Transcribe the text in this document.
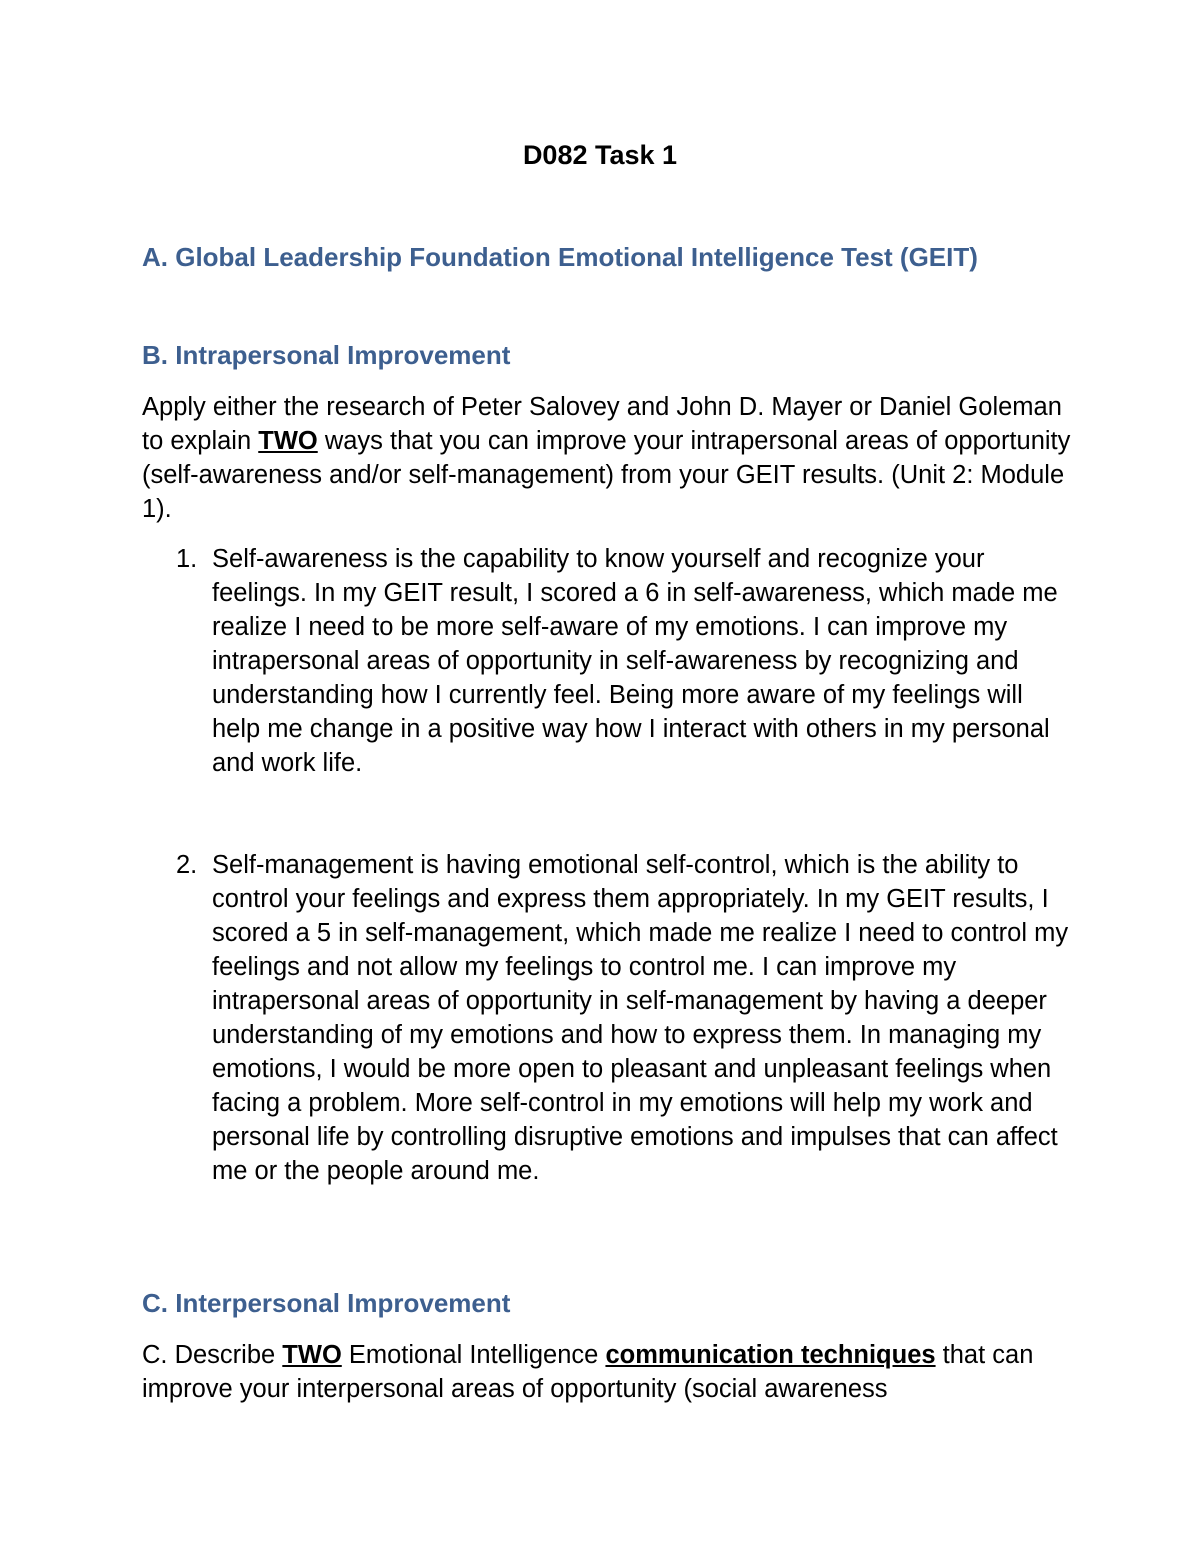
D082 Task 1
A. Global Leadership Foundation Emotional Intelligence Test (GEIT)
B. Intrapersonal Improvement

Apply either the research of Peter Salovey and John D. Mayer or Daniel Goleman to explain TWO ways that you can improve your intrapersonal areas of opportunity (self-awareness and/or self-management) from your GEIT results. (Unit 2: Module 1).

1. Self-awareness is the capability to know yourself and recognize your feelings. In my GEIT result, I scored a 6 in self-awareness, which made me realize I need to be more self-aware of my emotions. I can improve my intrapersonal areas of opportunity in self-awareness by recognizing and understanding how I currently feel. Being more aware of my feelings will help me change in a positive way how I interact with others in my personal and work life.

2. Self-management is having emotional self-control, which is the ability to control your feelings and express them appropriately. In my GEIT results, I scored a 5 in self-management, which made me realize I need to control my feelings and not allow my feelings to control me. I can improve my intrapersonal areas of opportunity in self-management by having a deeper understanding of my emotions and how to express them. In managing my emotions, I would be more open to pleasant and unpleasant feelings when facing a problem. More self-control in my emotions will help my work and personal life by controlling disruptive emotions and impulses that can affect me or the people around me.

C. Interpersonal Improvement

C. Describe TWO Emotional Intelligence communication techniques that can improve your interpersonal areas of opportunity (social awareness
